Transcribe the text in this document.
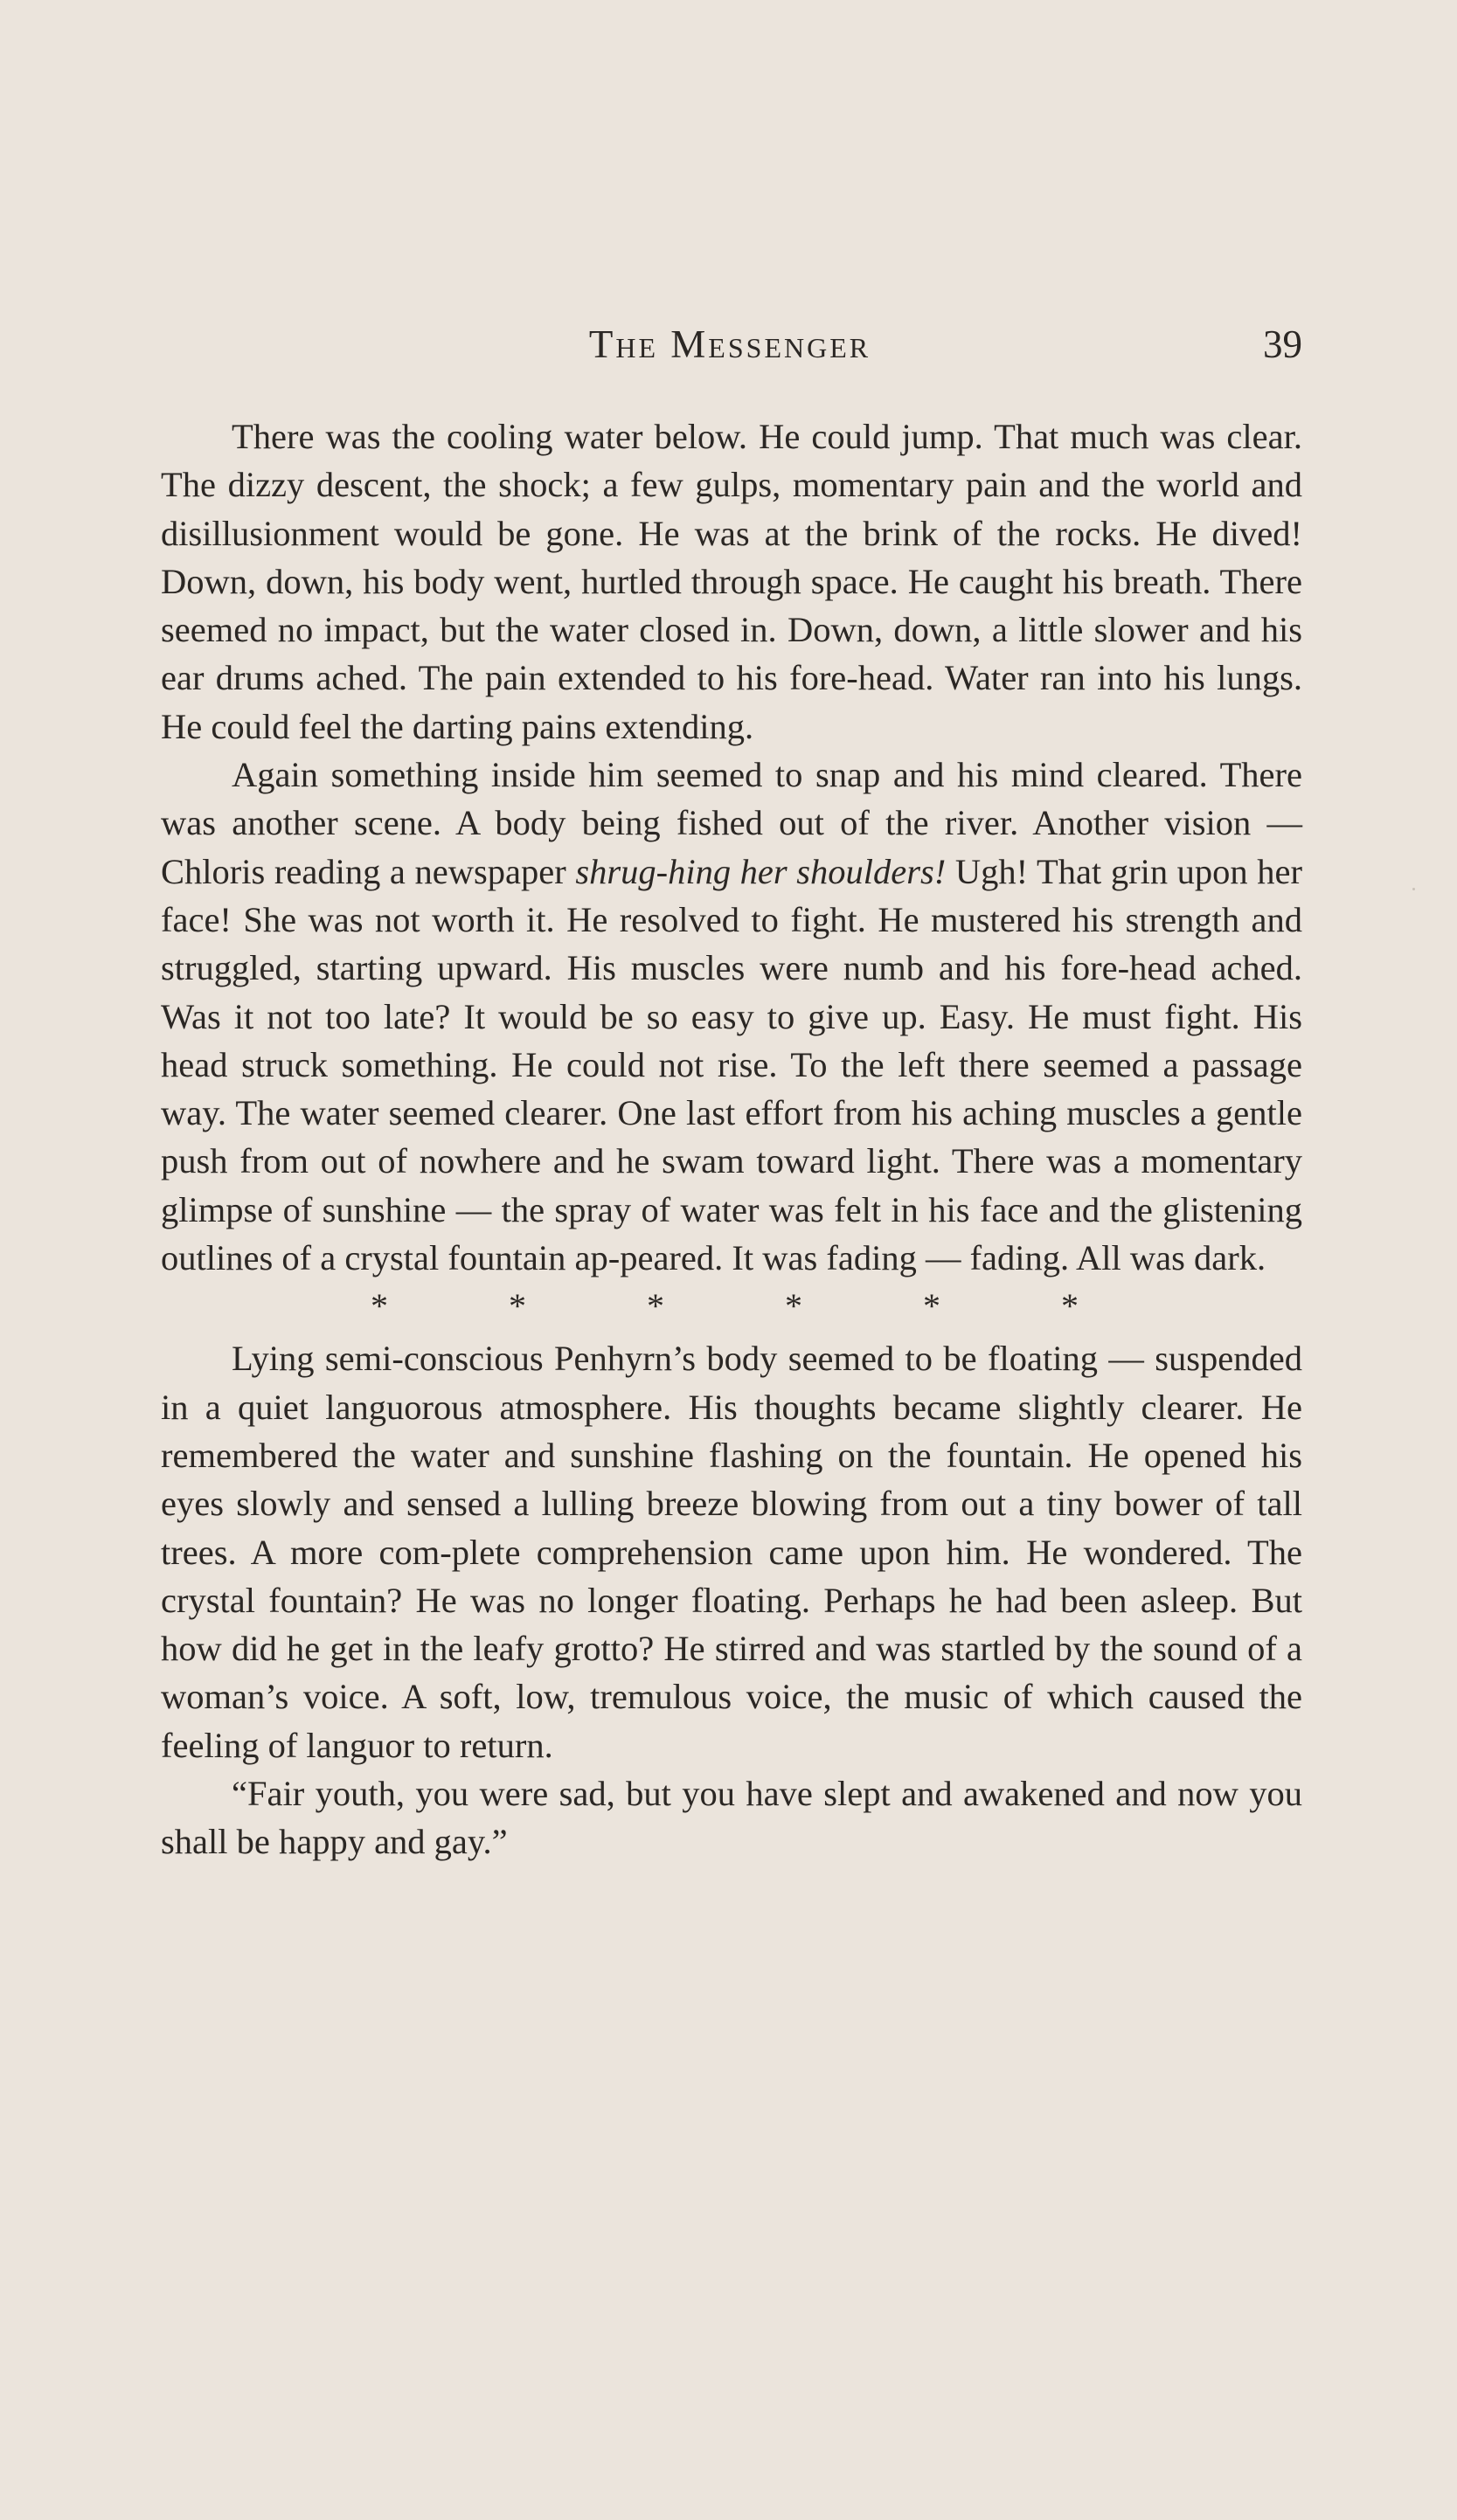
The Messenger	39

There was the cooling water below. He could jump. That much was clear. The dizzy descent, the shock; a few gulps, momentary pain and the world and disillusionment would be gone. He was at the brink of the rocks. He dived! Down, down, his body went, hurtled through space. He caught his breath. There seemed no impact, but the water closed in. Down, down, a little slower and his ear drums ached. The pain extended to his fore-head. Water ran into his lungs. He could feel the darting pains extending.

Again something inside him seemed to snap and his mind cleared. There was another scene. A body being fished out of the river. Another vision — Chloris reading a newspaper shrug-hing her shoulders! Ugh! That grin upon her face! She was not worth it. He resolved to fight. He mustered his strength and struggled, starting upward. His muscles were numb and his fore-head ached. Was it not too late? It would be so easy to give up. Easy. He must fight. His head struck something. He could not rise. To the left there seemed a passage way. The water seemed clearer. One last effort from his aching muscles a gentle push from out of nowhere and he swam toward light. There was a momentary glimpse of sunshine — the spray of water was felt in his face and the glistening outlines of a crystal fountain ap-peared. It was fading — fading. All was dark.

*	*	*	*	*	*

Lying semi-conscious Penhyrn’s body seemed to be floating — suspended in a quiet languorous atmosphere. His thoughts became slightly clearer. He remembered the water and sunshine flashing on the fountain. He opened his eyes slowly and sensed a lulling breeze blowing from out a tiny bower of tall trees. A more com-plete comprehension came upon him. He wondered. The crystal fountain? He was no longer floating. Perhaps he had been asleep. But how did he get in the leafy grotto? He stirred and was startled by the sound of a woman’s voice. A soft, low, tremulous voice, the music of which caused the feeling of languor to return.

“Fair youth, you were sad, but you have slept and awakened and now you shall be happy and gay.”
